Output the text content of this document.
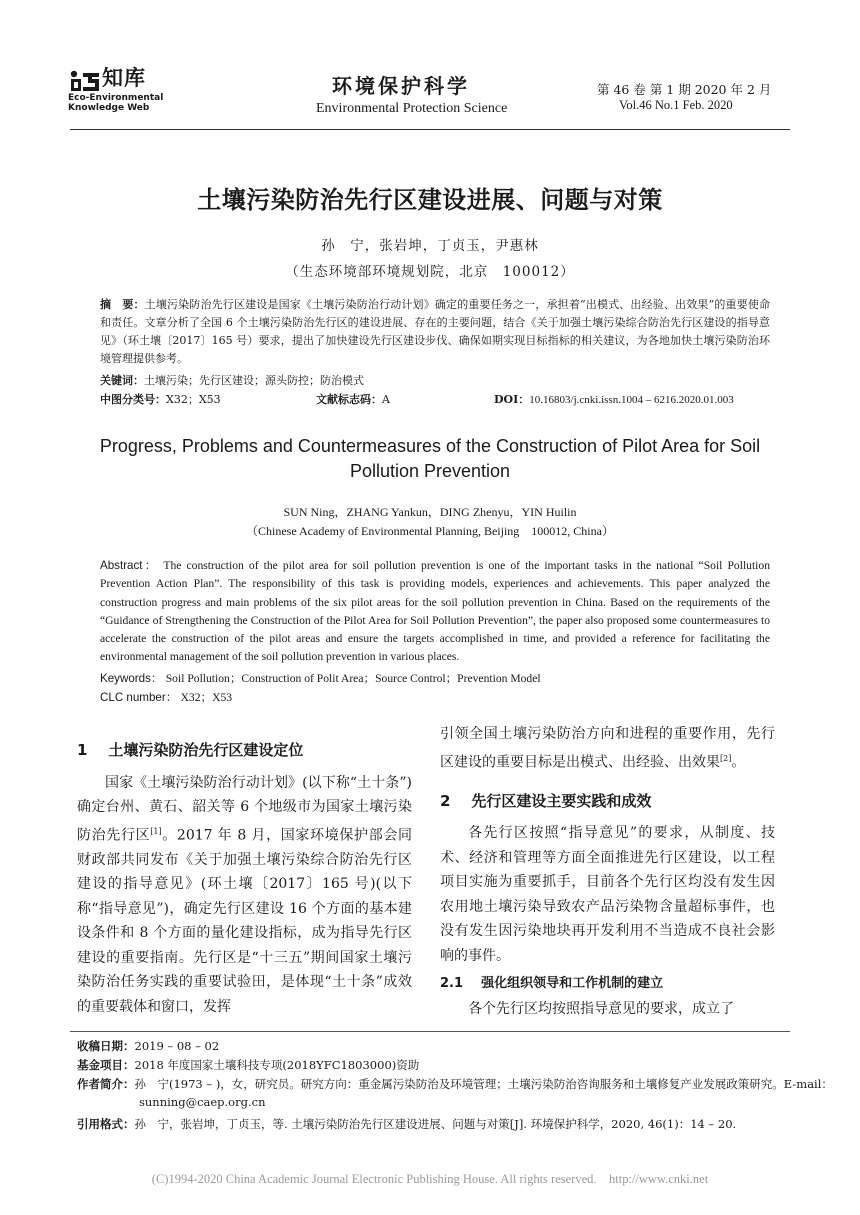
知库
Eco-Environmental
Knowledge Web
环境保护科学
Environmental Protection Science
第 46 卷 第 1 期 2020 年 2 月
Vol.46 No.1 Feb. 2020
土壤污染防治先行区建设进展、问题与对策
孙　宁，张岩坤，丁贞玉，尹惠林
（生态环境部环境规划院，北京　100012）
摘　要：土壤污染防治先行区建设是国家《土壤污染防治行动计划》确定的重要任务之一，承担着“出模式、出经验、出效果”的重要使命和责任。文章分析了全国 6 个土壤污染防治先行区的建设进展、存在的主要问题，结合《关于加强土壤污染综合防治先行区建设的指导意见》（环土壤〔2017〕165 号）要求，提出了加快建设先行区建设步伐、确保如期实现目标指标的相关建议，为各地加快土壤污染防治环境管理提供参考。
关键词：土壤污染；先行区建设；源头防控；防治模式
中图分类号：X32；X53	文献标志码：A	DOI：10.16803/j.cnki.issn.1004 – 6216.2020.01.003
Progress, Problems and Countermeasures of the Construction of Pilot Area for Soil Pollution Prevention
SUN Ning，ZHANG Yankun，DING Zhenyu，YIN Huilin
（Chinese Academy of Environmental Planning, Beijing　100012, China）
Abstract： The construction of the pilot area for soil pollution prevention is one of the important tasks in the national “Soil Pollution Prevention Action Plan”. The responsibility of this task is providing models, experiences and achievements. This paper analyzed the construction progress and main problems of the six pilot areas for the soil pollution prevention in China. Based on the requirements of the “Guidance of Strengthening the Construction of the Pilot Area for Soil Pollution Prevention”, the paper also proposed some countermeasures to accelerate the construction of the pilot areas and ensure the targets accomplished in time, and provided a reference for facilitating the environmental management of the soil pollution prevention in various places.
Keywords： Soil Pollution；Construction of Polit Area；Source Control；Prevention Model
CLC number： X32；X53
1 土壤污染防治先行区建设定位
国家《土壤污染防治行动计划》(以下称“土十条”)确定台州、黄石、韶关等 6 个地级市为国家土壤污染防治先行区[1]。2017 年 8 月，国家环境保护部会同财政部共同发布《关于加强土壤污染综合防治先行区建设的指导意见》(环土壤〔2017〕165 号)(以下称“指导意见”)，确定先行区建设 16 个方面的基本建设条件和 8 个方面的量化建设指标，成为指导先行区建设的重要指南。先行区是“十三五”期间国家土壤污染防治任务实践的重要试验田，是体现“土十条”成效的重要载体和窗口，发挥
引领全国土壤污染防治方向和进程的重要作用，先行区建设的重要目标是出模式、出经验、出效果[2]。
2 先行区建设主要实践和成效
各先行区按照“指导意见”的要求，从制度、技术、经济和管理等方面全面推进先行区建设，以工程项目实施为重要抓手，目前各个先行区均没有发生因农用地土壤污染导致农产品污染物含量超标事件，也没有发生因污染地块再开发利用不当造成不良社会影响的事件。
2.1 强化组织领导和工作机制的建立
各个先行区均按照指导意见的要求，成立了
收稿日期：2019 – 08 – 02
基金项目：2018 年度国家土壤科技专项(2018YFC1803000)资助
作者简介：孙　宁(1973 – )，女，研究员。研究方向：重金属污染防治及环境管理；土壤污染防治咨询服务和土壤修复产业发展政策研究。E-mail：sunning@caep.org.cn
引用格式：孙　宁，张岩坤，丁贞玉，等. 土壤污染防治先行区建设进展、问题与对策[J]. 环境保护科学，2020, 46(1)：14 – 20.
(C)1994-2020 China Academic Journal Electronic Publishing House. All rights reserved.    http://www.cnki.net
